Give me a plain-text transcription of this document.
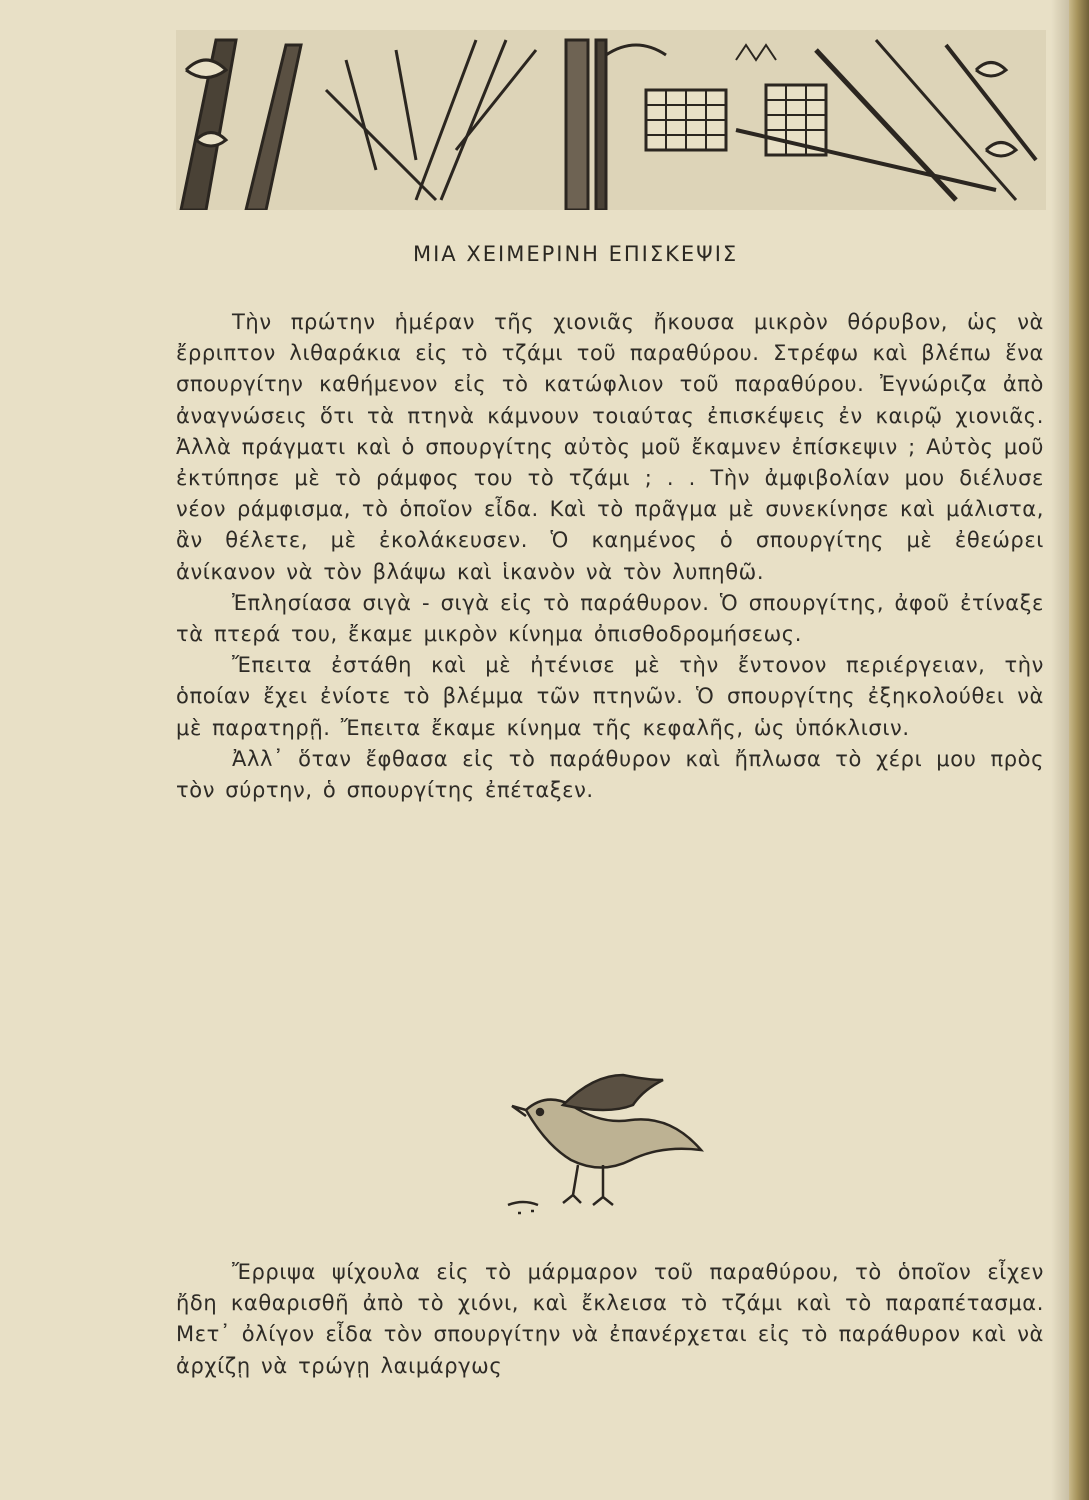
ΜΙΑ ΧΕΙΜΕΡΙΝΗ ΕΠΙΣΚΕΨΙΣ

Τὴν πρώτην ἡμέραν τῆς χιονιᾶς ἤκουσα μικρὸν θόρυβον, ὡς νὰ ἔρριπτον λιθαράκια εἰς τὸ τζάμι τοῦ παραθύρου. Στρέφω καὶ βλέπω ἕνα σπουργίτην καθήμενον εἰς τὸ κατώφλιον τοῦ παραθύρου. Ἐγνώριζα ἀπὸ ἀναγνώσεις ὅτι τὰ πτηνὰ κάμνουν τοιαύτας ἐπισκέψεις ἐν καιρῷ χιονιᾶς. Ἀλλὰ πράγματι καὶ ὁ σπουργίτης αὐτὸς μοῦ ἔκαμνεν ἐπίσκεψιν ; Αὐτὸς μοῦ ἐκτύπησε μὲ τὸ ράμφος του τὸ τζάμι ; . . Τὴν ἀμφιβολίαν μου διέλυσε νέον ράμφισμα, τὸ ὁποῖον εἶδα. Καὶ τὸ πρᾶγμα μὲ συνεκίνησε καὶ μάλιστα, ἂν θέλετε, μὲ ἐκολάκευσεν. Ὁ καημένος ὁ σπουργίτης μὲ ἐθεώρει ἀνίκανον νὰ τὸν βλάψω καὶ ἱκανὸν νὰ τὸν λυπηθῶ.

Ἐπλησίασα σιγὰ - σιγὰ εἰς τὸ παράθυρον. Ὁ σπουργίτης, ἀφοῦ ἐτίναξε τὰ πτερά του, ἔκαμε μικρὸν κίνημα ὀπισθοδρομήσεως.

Ἔπειτα ἐστάθη καὶ μὲ ἠτένισε μὲ τὴν ἔντονον περιέργειαν, τὴν ὁποίαν ἔχει ἐνίοτε τὸ βλέμμα τῶν πτηνῶν. Ὁ σπουργίτης ἐξηκολούθει νὰ μὲ παρατηρῇ. Ἔπειτα ἔκαμε κίνημα τῆς κεφαλῆς, ὡς ὑπόκλισιν.

Ἀλλ᾽ ὅταν ἔφθασα εἰς τὸ παράθυρον καὶ ἤπλωσα τὸ χέρι μου πρὸς τὸν σύρτην, ὁ σπουργίτης ἐπέταξεν.

Ἔρριψα ψίχουλα εἰς τὸ μάρμαρον τοῦ παραθύρου, τὸ ὁποῖον εἶχεν ἤδη καθαρισθῆ ἀπὸ τὸ χιόνι, καὶ ἔκλεισα τὸ τζάμι καὶ τὸ παραπέτασμα. Μετ᾽ ὀλίγον εἶδα τὸν σπουργίτην νὰ ἐπανέρχεται εἰς τὸ παράθυρον καὶ νὰ ἀρχίζῃ νὰ τρώγῃ λαιμάργως
